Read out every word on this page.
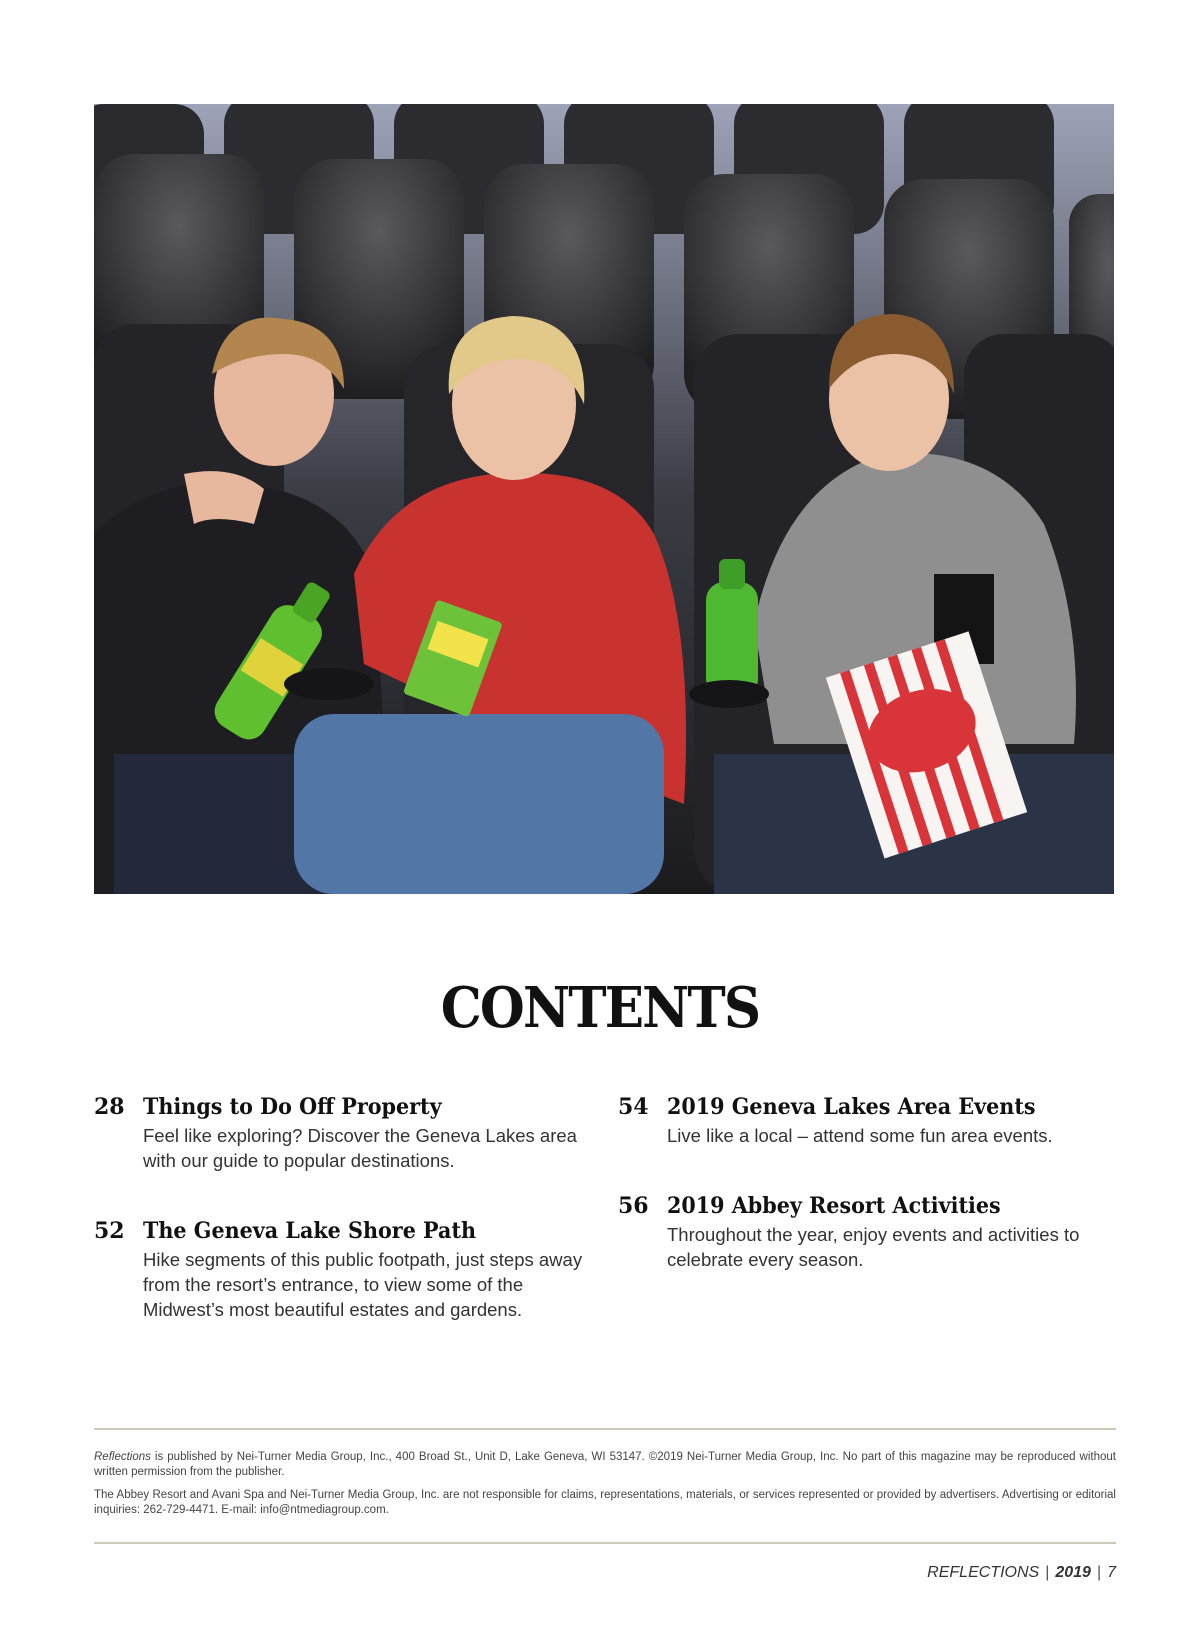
CONTENTS
28 Things to Do Off Property
Feel like exploring? Discover the Geneva Lakes area with our guide to popular destinations.
52 The Geneva Lake Shore Path
Hike segments of this public footpath, just steps away from the resort’s entrance, to view some of the Midwest’s most beautiful estates and gardens.
54 2019 Geneva Lakes Area Events
Live like a local – attend some fun area events.
56 2019 Abbey Resort Activities
Throughout the year, enjoy events and activities to celebrate every season.
Reflections is published by Nei-Turner Media Group, Inc., 400 Broad St., Unit D, Lake Geneva, WI 53147. ©2019 Nei-Turner Media Group, Inc. No part of this magazine may be reproduced without written permission from the publisher.
The Abbey Resort and Avani Spa and Nei-Turner Media Group, Inc. are not responsible for claims, representations, materials, or services represented or provided by advertisers. Advertising or editorial inquiries: 262-729-4471. E-mail: info@ntmediagroup.com.
REFLECTIONS | 2019 | 7
